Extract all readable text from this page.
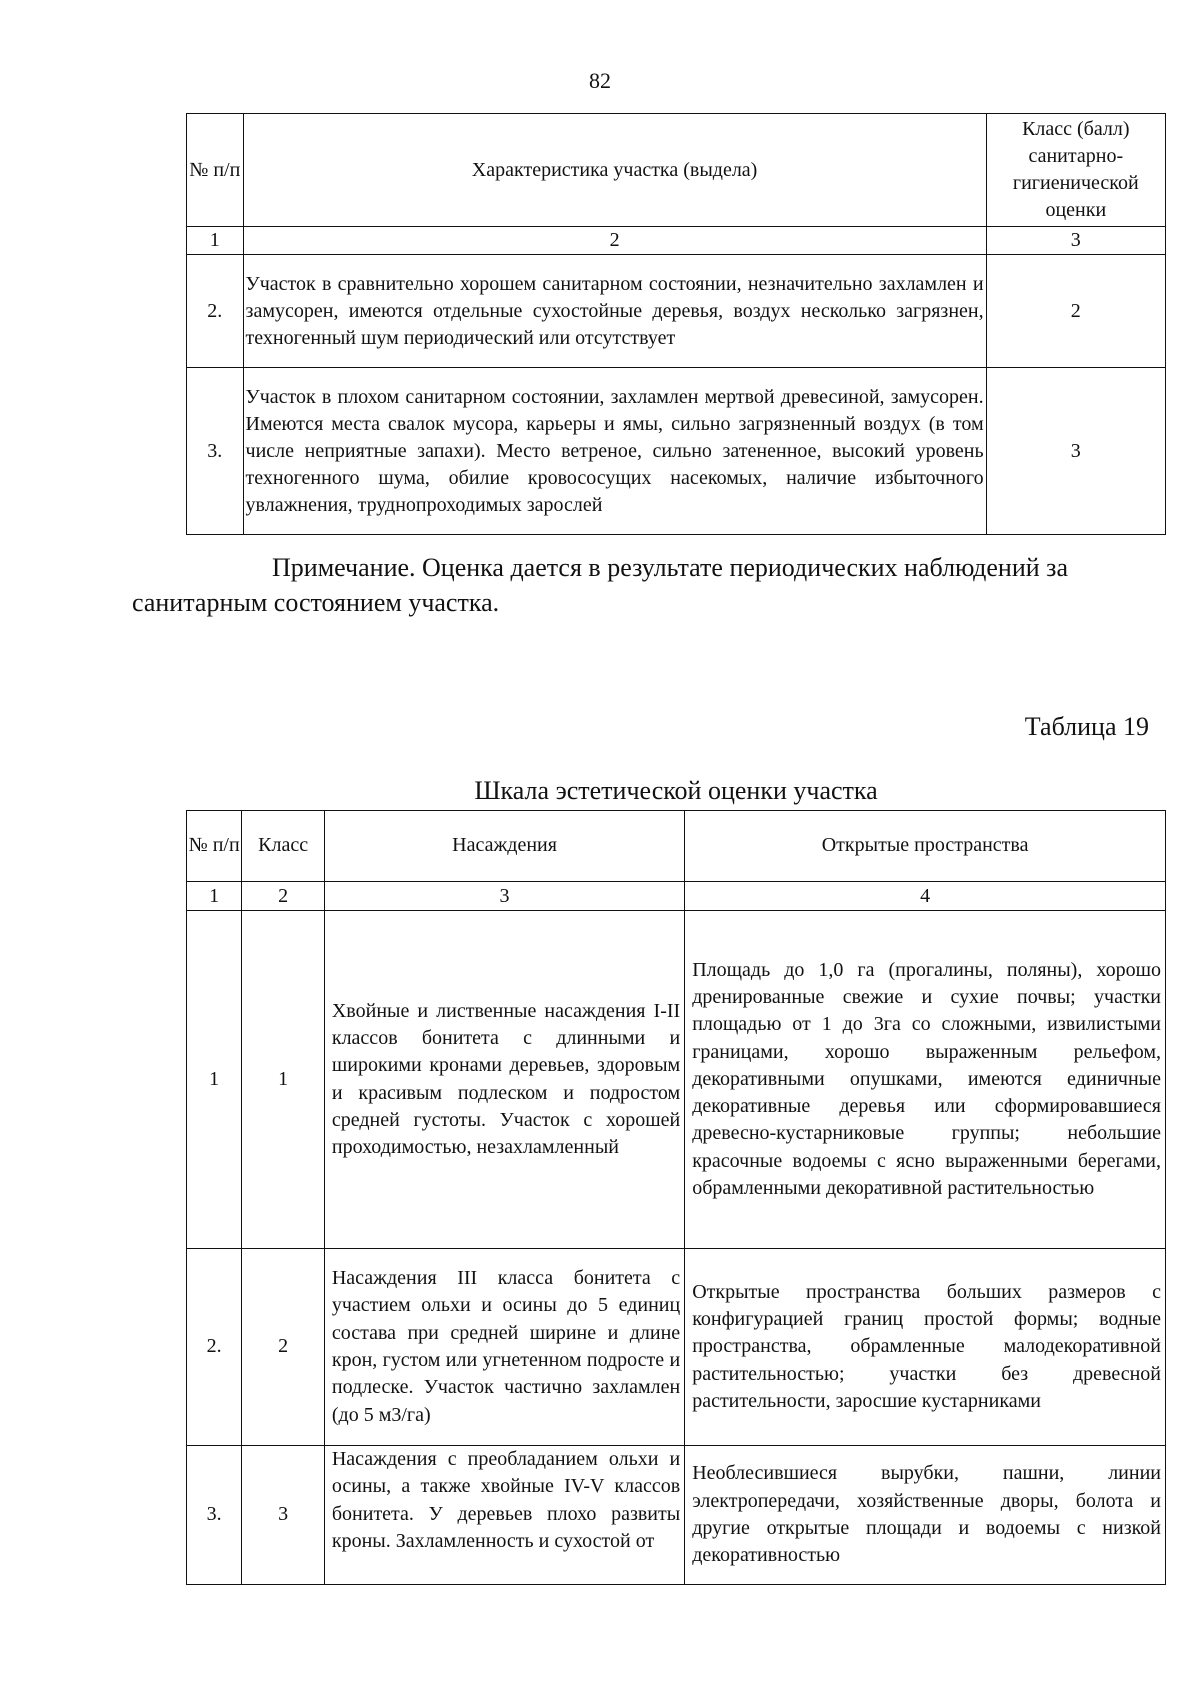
82
№ п/п	Характеристика участка (выдела)	Класс (балл) санитарно-гигиенической оценки
1	2	3
2.	Участок в сравнительно хорошем санитарном состоянии, незначительно захламлен и замусорен, имеются отдельные сухостойные деревья, воздух несколько загрязнен, техногенный шум периодический или отсутствует	2
3.	Участок в плохом санитарном состоянии, захламлен мертвой древесиной, замусорен. Имеются места свалок мусора, карьеры и ямы, сильно загрязненный воздух (в том числе неприятные запахи). Место ветреное, сильно затененное, высокий уровень техногенного шума, обилие кровососущих насекомых, наличие избыточного увлажнения, труднопроходимых зарослей	3
Примечание. Оценка дается в результате периодических наблюдений за
санитарным состоянием участка.
Таблица 19
Шкала эстетической оценки участка
№ п/п	Класс	Насаждения	Открытые пространства
1	2	3	4
1	1	Хвойные и лиственные насаждения I-II классов бонитета с длинными и широкими кронами деревьев, здоровым и красивым подлеском и подростом средней густоты. Участок с хорошей проходимостью, незахламленный	Площадь до 1,0 га (прогалины, поляны), хорошо дренированные свежие и сухие почвы; участки площадью от 1 до 3га со сложными, извилистыми границами, хорошо выраженным рельефом, декоративными опушками, имеются единичные декоративные деревья или сформировавшиеся древесно-кустарниковые группы; небольшие красочные водоемы с ясно выраженными берегами, обрамленными декоративной растительностью
2.	2	Насаждения III класса бонитета с участием ольхи и осины до 5 единиц состава при средней ширине и длине крон, густом или угнетенном подросте и подлеске. Участок частично захламлен (до 5 м3/га)	Открытые пространства больших размеров с конфигурацией границ простой формы; водные пространства, обрамленные малодекоративной растительностью; участки без древесной растительности, заросшие кустарниками
3.	3	Насаждения с преобладанием ольхи и осины, а также хвойные IV-V классов бонитета. У деревьев плохо развиты кроны. Захламленность и сухостой от	Необлесившиеся вырубки, пашни, линии электропередачи, хозяйственные дворы, болота и другие открытые площади и водоемы с низкой декоративностью
